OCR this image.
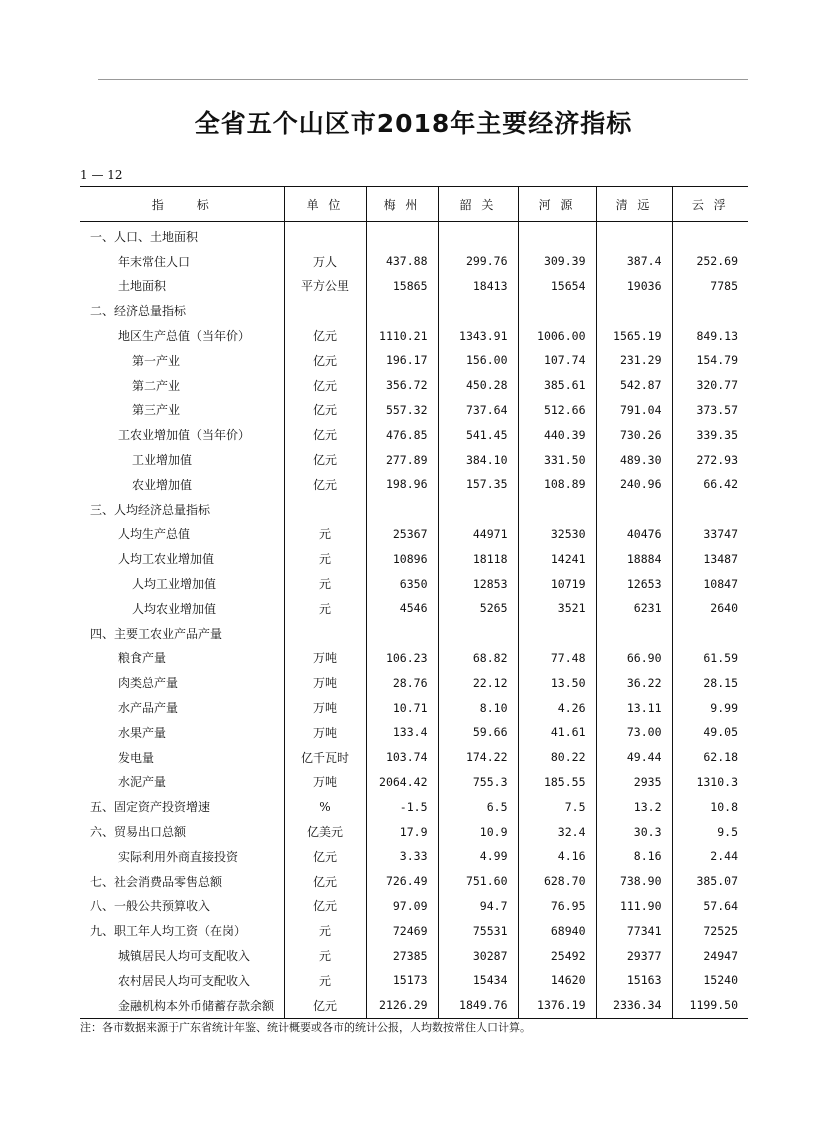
全省五个山区市2018年主要经济指标
1 — 12
指　　标	单 位	梅 州	韶 关	河 源	清 远	云 浮
一、人口、土地面积						
年末常住人口	万人	437.88	299.76	309.39	387.4	252.69
土地面积	平方公里	15865	18413	15654	19036	7785
二、经济总量指标						
地区生产总值（当年价）	亿元	1110.21	1343.91	1006.00	1565.19	849.13
第一产业	亿元	196.17	156.00	107.74	231.29	154.79
第二产业	亿元	356.72	450.28	385.61	542.87	320.77
第三产业	亿元	557.32	737.64	512.66	791.04	373.57
工农业增加值（当年价）	亿元	476.85	541.45	440.39	730.26	339.35
工业增加值	亿元	277.89	384.10	331.50	489.30	272.93
农业增加值	亿元	198.96	157.35	108.89	240.96	66.42
三、人均经济总量指标						
人均生产总值	元	25367	44971	32530	40476	33747
人均工农业增加值	元	10896	18118	14241	18884	13487
人均工业增加值	元	6350	12853	10719	12653	10847
人均农业增加值	元	4546	5265	3521	6231	2640
四、主要工农业产品产量						
粮食产量	万吨	106.23	68.82	77.48	66.90	61.59
肉类总产量	万吨	28.76	22.12	13.50	36.22	28.15
水产品产量	万吨	10.71	8.10	4.26	13.11	9.99
水果产量	万吨	133.4	59.66	41.61	73.00	49.05
发电量	亿千瓦时	103.74	174.22	80.22	49.44	62.18
水泥产量	万吨	2064.42	755.3	185.55	2935	1310.3
五、固定资产投资增速	%	-1.5	6.5	7.5	13.2	10.8
六、贸易出口总额	亿美元	17.9	10.9	32.4	30.3	9.5
实际利用外商直接投资	亿元	3.33	4.99	4.16	8.16	2.44
七、社会消费品零售总额	亿元	726.49	751.60	628.70	738.90	385.07
八、一般公共预算收入	亿元	97.09	94.7	76.95	111.90	57.64
九、职工年人均工资（在岗）	元	72469	75531	68940	77341	72525
城镇居民人均可支配收入	元	27385	30287	25492	29377	24947
农村居民人均可支配收入	元	15173	15434	14620	15163	15240
金融机构本外币储蓄存款余额	亿元	2126.29	1849.76	1376.19	2336.34	1199.50
注：各市数据来源于广东省统计年鉴、统计概要或各市的统计公报，人均数按常住人口计算。
